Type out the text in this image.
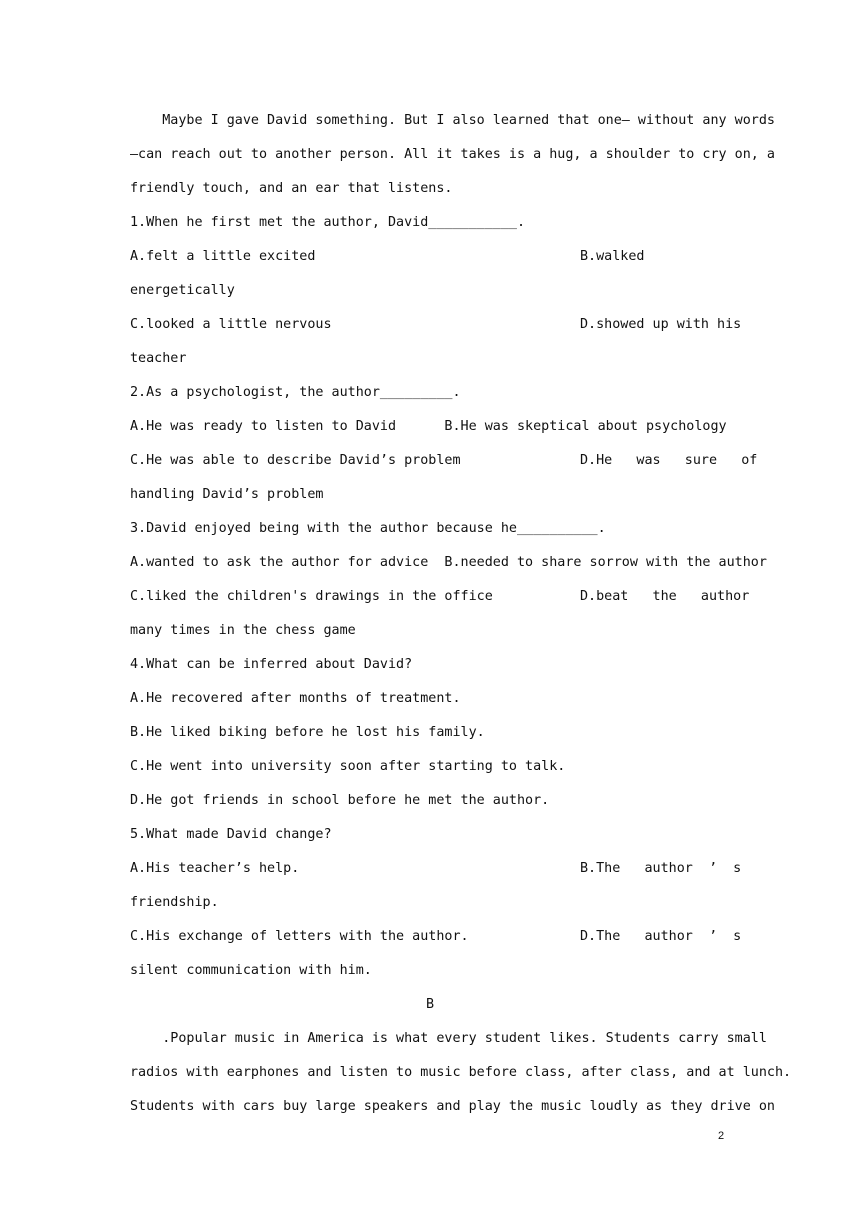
Maybe I gave David something. But I also learned that one— without any words

—can reach out to another person. All it takes is a hug, a shoulder to cry on, a

friendly touch, and an ear that listens.

1.When he first met the author, David___________.

A.felt a little excited	B.walked

energetically

C.looked a little nervous	D.showed up with his

teacher

2.As a psychologist, the author_________.

A.He was ready to listen to David      B.He was skeptical about psychology

C.He was able to describe David’s problem	D.He   was   sure   of

handling David’s problem

3.David enjoyed being with the author because he__________.

A.wanted to ask the author for advice  B.needed to share sorrow with the author

C.liked the children's drawings in the office	D.beat   the   author

many times in the chess game

4.What can be inferred about David?

A.He recovered after months of treatment.

B.He liked biking before he lost his family.

C.He went into university soon after starting to talk.

D.He got friends in school before he met the author.

5.What made David change?

A.His teacher’s help.	B.The   author  ’  s

friendship.

C.His exchange of letters with the author.	D.The   author  ’  s

silent communication with him.

B

.Popular music in America is what every student likes. Students carry small

radios with earphones and listen to music before class, after class, and at lunch.

Students with cars buy large speakers and play the music loudly as they drive on

2
